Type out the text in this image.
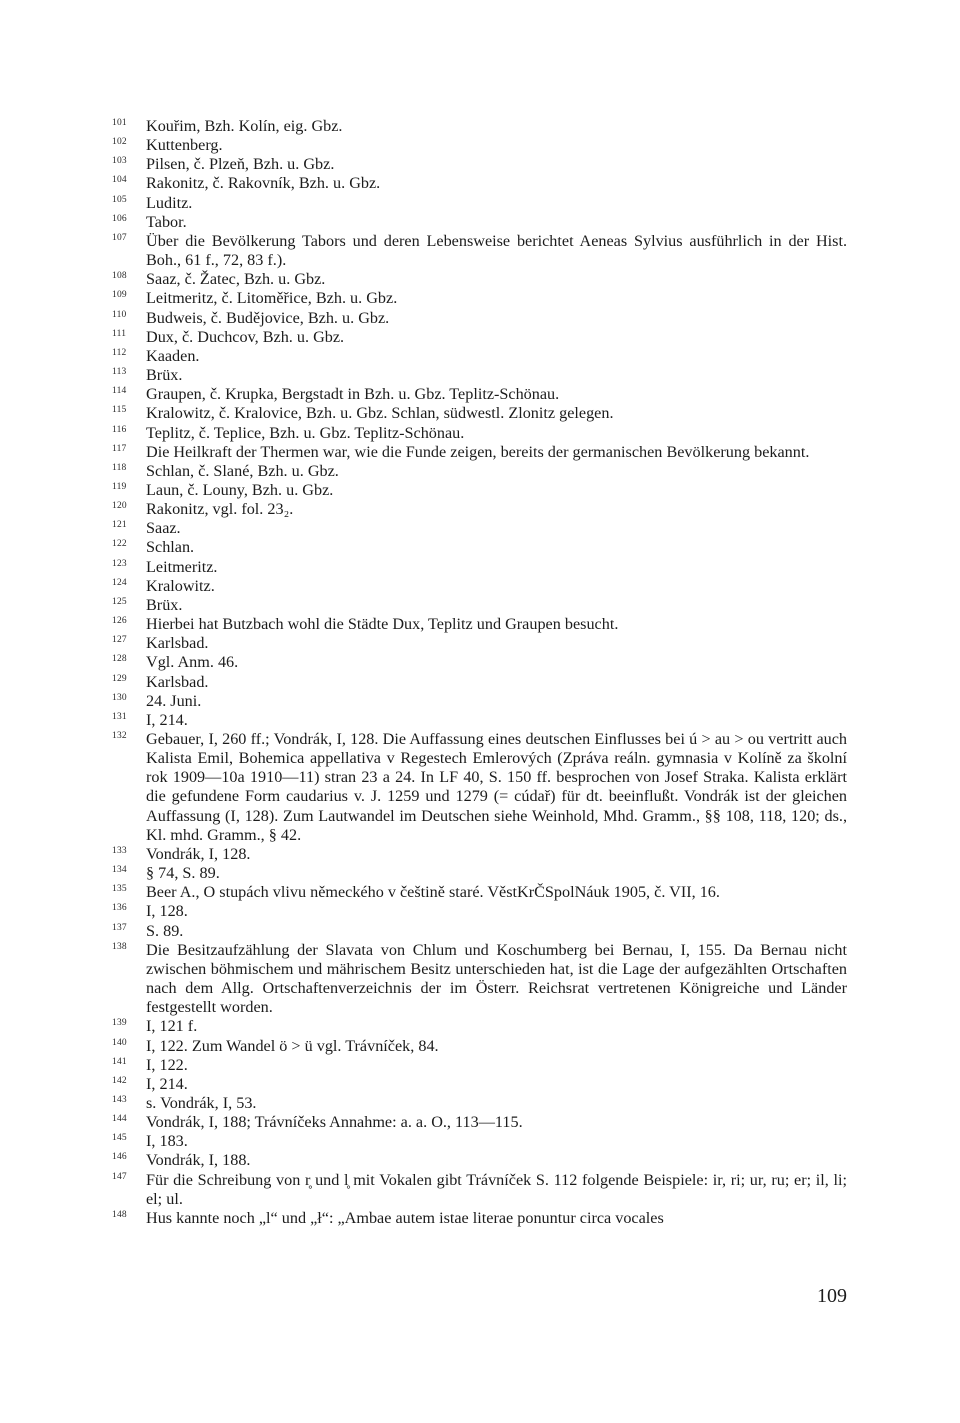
101 Kouřim, Bzh. Kolín, eig. Gbz.
102 Kuttenberg.
103 Pilsen, č. Plzeň, Bzh. u. Gbz.
104 Rakonitz, č. Rakovník, Bzh. u. Gbz.
105 Luditz.
106 Tabor.
107 Über die Bevölkerung Tabors und deren Lebensweise berichtet Aeneas Sylvius ausführlich in der Hist. Boh., 61 f., 72, 83 f.).
108 Saaz, č. Žatec, Bzh. u. Gbz.
109 Leitmeritz, č. Litoměřice, Bzh. u. Gbz.
110 Budweis, č. Budějovice, Bzh. u. Gbz.
111 Dux, č. Duchcov, Bzh. u. Gbz.
112 Kaaden.
113 Brüx.
114 Graupen, č. Krupka, Bergstadt in Bzh. u. Gbz. Teplitz-Schönau.
115 Kralowitz, č. Kralovice, Bzh. u. Gbz. Schlan, südwestl. Zlonitz gelegen.
116 Teplitz, č. Teplice, Bzh. u. Gbz. Teplitz-Schönau.
117 Die Heilkraft der Thermen war, wie die Funde zeigen, bereits der germanischen Bevölkerung bekannt.
118 Schlan, č. Slané, Bzh. u. Gbz.
119 Laun, č. Louny, Bzh. u. Gbz.
120 Rakonitz, vgl. fol. 23₂.
121 Saaz.
122 Schlan.
123 Leitmeritz.
124 Kralowitz.
125 Brüx.
126 Hierbei hat Butzbach wohl die Städte Dux, Teplitz und Graupen besucht.
127 Karlsbad.
128 Vgl. Anm. 46.
129 Karlsbad.
130 24. Juni.
131 I, 214.
132 Gebauer, I, 260 ff.; Vondrák, I, 128. Die Auffassung eines deutschen Einflusses bei ú > au > ou vertritt auch Kalista Emil, Bohemica appellativa v Regestech Emlerových (Zpráva reáln. gymnasia v Kolíně za školní rok 1909—10a 1910—11) stran 23 a 24. In LF 40, S. 150 ff. besprochen von Josef Straka. Kalista erklärt die gefundene Form caudarius v. J. 1259 und 1279 (= cúdař) für dt. beeinflußt. Vondrák ist der gleichen Auffassung (I, 128). Zum Lautwandel im Deutschen siehe Weinhold, Mhd. Gramm., §§ 108, 118, 120; ds., Kl. mhd. Gramm., § 42.
133 Vondrák, I, 128.
134 § 74, S. 89.
135 Beer A., O stupách vlivu německého v češtině staré. VěstKrČSpolNáuk 1905, č. VII, 16.
136 I, 128.
137 S. 89.
138 Die Besitzaufzählung der Slavata von Chlum und Koschumberg bei Bernau, I, 155. Da Bernau nicht zwischen böhmischem und mährischem Besitz unterschieden hat, ist die Lage der aufgezählten Ortschaften nach dem Allg. Ortschaftenverzeichnis der im Österr. Reichsrat vertretenen Königreiche und Länder festgestellt worden.
139 I, 121 f.
140 I, 122. Zum Wandel ö > ü vgl. Trávníček, 84.
141 I, 122.
142 I, 214.
143 s. Vondrák, I, 53.
144 Vondrák, I, 188; Trávníčeks Annahme: a. a. O., 113—115.
145 I, 183.
146 Vondrák, I, 188.
147 Für die Schreibung von r̥ und l̥ mit Vokalen gibt Trávníček S. 112 folgende Beispiele: ir, ri; ur, ru; er; il, li; el; ul.
148 Hus kannte noch „l“ und „ł“: „Ambae autem istae literae ponuntur circa vocales
109
